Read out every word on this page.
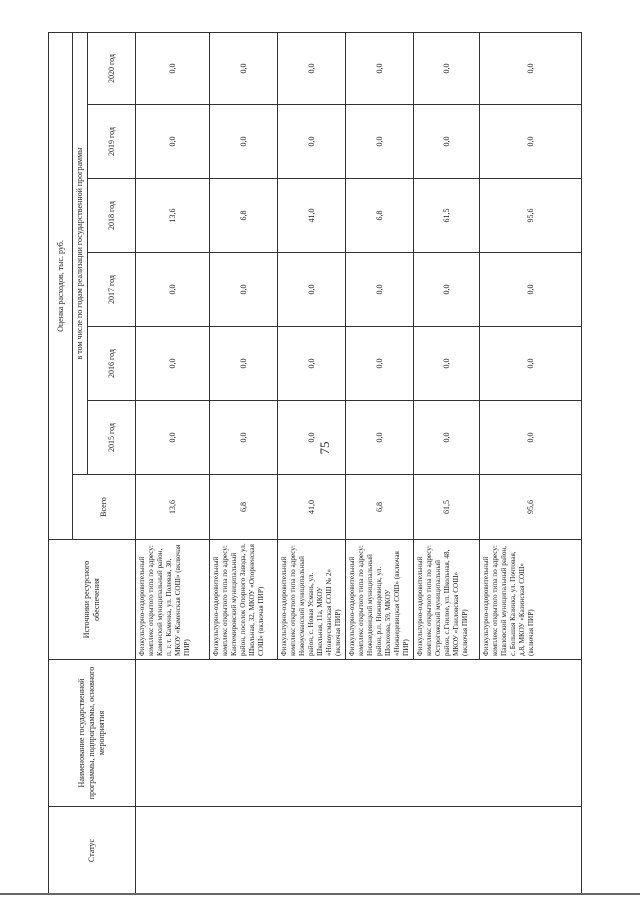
75
Статус	Наименование государственной программы, подпрограммы, основного мероприятия	Источники ресурсного обеспечения	Оценка расходов, тыс. руб.						
			Всего	в том числе по годам реализации государственной программы					
				2015 год	2016 год	2017 год	2018 год	2019 год	2020 год
		Физкультурно-оздоровительный комплекс открытого типа по адресу: Каменский муниципальный район, п. г. т. Каменка, ул. Полевая, 30, МКОУ «Каменская СОШ» (включая ПИР)	13,6	0,0	0,0	0,0	13,6	0,0	0,0
		Физкультурно-оздоровительный комплекс открытого типа по адресу: Кантемировский муниципальный район, поселок Опорного Завода, ул. Школьная, 32, МКОУ «Опорненская СОШ» (включая ПИР)	6,8	0,0	0,0	0,0	6,8	0,0	0,0
		Физкультурно-оздоровительный комплекс открытого типа по адресу: Новоусманский муниципальный район, с. Новая Усмань, ул. Школьная, 11а, МКОУ «Новоусманская СОШ № 2» (включая ПИР)	41,0	0,0	0,0	0,0	41,0	0,0	0,0
		Физкультурно-оздоровительный комплекс открытого типа по адресу: Нижнедевицкий муниципальный район, р.п. Нижнедевицк, ул. Шолохова, 59, МКОУ «Нижнедевицкая СОШ» (включая ПИР)	6,8	0,0	0,0	0,0	6,8	0,0	0,0
		Физкультурно-оздоровительный комплекс открытого типа по адресу: Острогожский муниципальный район, с.Гнилое, ул. Школьная, 48, МКОУ «Гниловская СОШ» (включая ПИР)	61,5	0,0	0,0	0,0	61,5	0,0	0,0
		Физкультурно-оздоровительный комплекс открытого типа по адресу: Павловский муниципальный район, с. Большая Казинка, ул. Почтовая, д.8, МКОУ «Казинская СОШ» (включая ПИР)	95,6	0,0	0,0	0,0	95,6	0,0	0,0
